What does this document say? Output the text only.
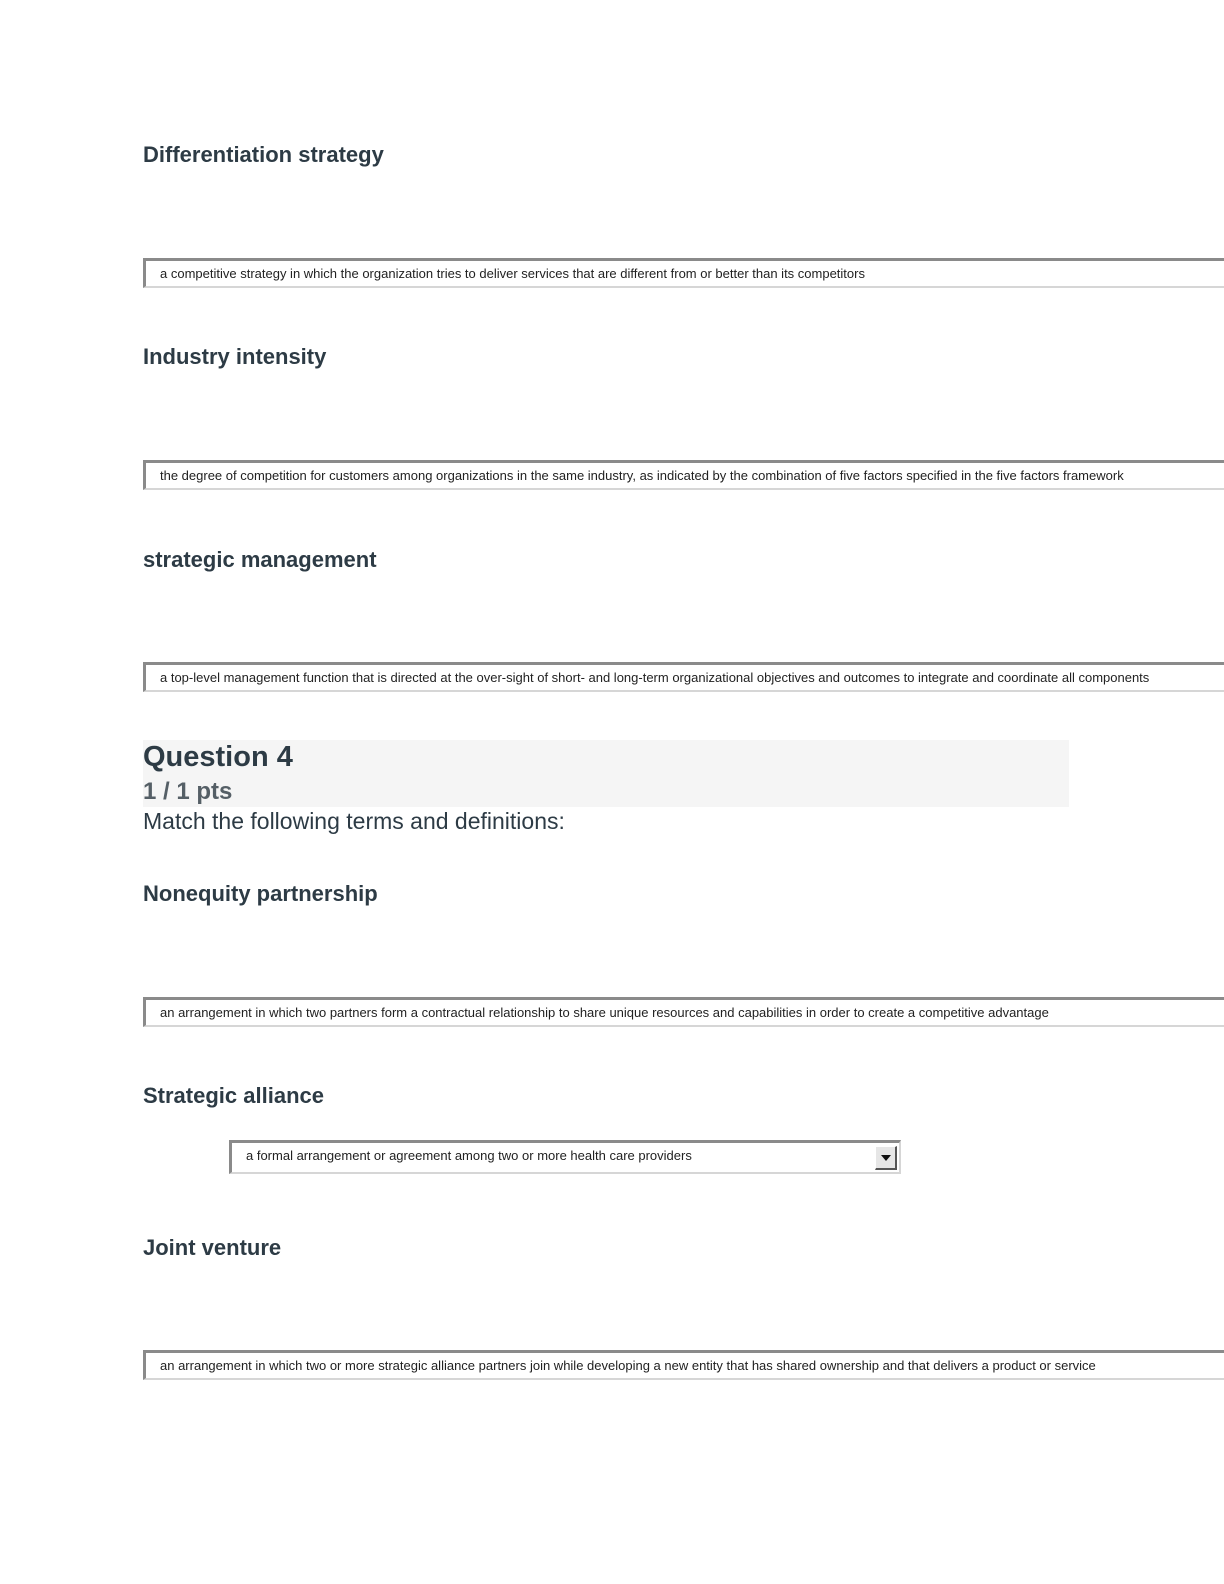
Differentiation strategy
a competitive strategy in which the organization tries to deliver services that are different from or better than its competitors
Industry intensity
the degree of competition for customers among organizations in the same industry, as indicated by the combination of five factors specified in the five factors framework
strategic management
a top-level management function that is directed at the over-sight of short- and long-term organizational objectives and outcomes to integrate and coordinate all components
Question 4
1 / 1 pts
Match the following terms and definitions:
Nonequity partnership
an arrangement in which two partners form a contractual relationship to share unique resources and capabilities in order to create a competitive advantage
Strategic alliance
a formal arrangement or agreement among two or more health care providers
Joint venture
an arrangement in which two or more strategic alliance partners join while developing a new entity that has shared ownership and that delivers a product or service
